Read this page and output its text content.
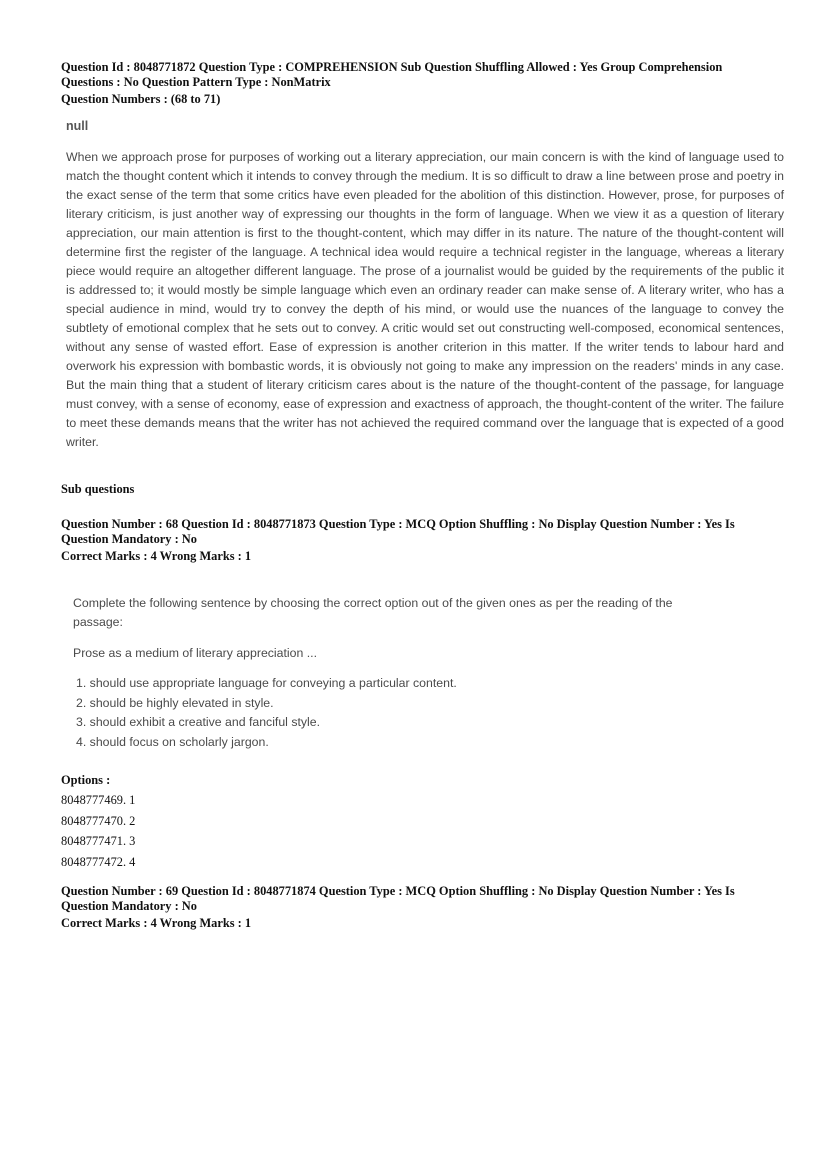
Question Id : 8048771872 Question Type : COMPREHENSION Sub Question Shuffling Allowed : Yes Group Comprehension
Questions : No Question Pattern Type : NonMatrix
Question Numbers : (68 to 71)
null

When we approach prose for purposes of working out a literary appreciation, our main concern is with the kind of language used to match the thought content which it intends to convey through the medium. It is so difficult to draw a line between prose and poetry in the exact sense of the term that some critics have even pleaded for the abolition of this distinction. However, prose, for purposes of literary criticism, is just another way of expressing our thoughts in the form of language. When we view it as a question of literary appreciation, our main attention is first to the thought-content, which may differ in its nature. The nature of the thought-content will determine first the register of the language. A technical idea would require a technical register in the language, whereas a literary piece would require an altogether different language. The prose of a journalist would be guided by the requirements of the public it is addressed to; it would mostly be simple language which even an ordinary reader can make sense of. A literary writer, who has a special audience in mind, would try to convey the depth of his mind, or would use the nuances of the language to convey the subtlety of emotional complex that he sets out to convey. A critic would set out constructing well-composed, economical sentences, without any sense of wasted effort. Ease of expression is another criterion in this matter. If the writer tends to labour hard and overwork his expression with bombastic words, it is obviously not going to make any impression on the readers' minds in any case. But the main thing that a student of literary criticism cares about is the nature of the thought-content of the passage, for language must convey, with a sense of economy, ease of expression and exactness of approach, the thought-content of the writer. The failure to meet these demands means that the writer has not achieved the required command over the language that is expected of a good writer.

Sub questions
Question Number : 68 Question Id : 8048771873 Question Type : MCQ Option Shuffling : No Display Question Number : Yes Is
Question Mandatory : No
Correct Marks : 4 Wrong Marks : 1

Complete the following sentence by choosing the correct option out of the given ones as per the reading of the passage:

Prose as a medium of literary appreciation ...

1. should use appropriate language for conveying a particular content.
2. should be highly elevated in style.
3. should exhibit a creative and fanciful style.
4. should focus on scholarly jargon.
Options :
8048777469. 1
8048777470. 2
8048777471. 3
8048777472. 4
Question Number : 69 Question Id : 8048771874 Question Type : MCQ Option Shuffling : No Display Question Number : Yes Is
Question Mandatory : No
Correct Marks : 4 Wrong Marks : 1
